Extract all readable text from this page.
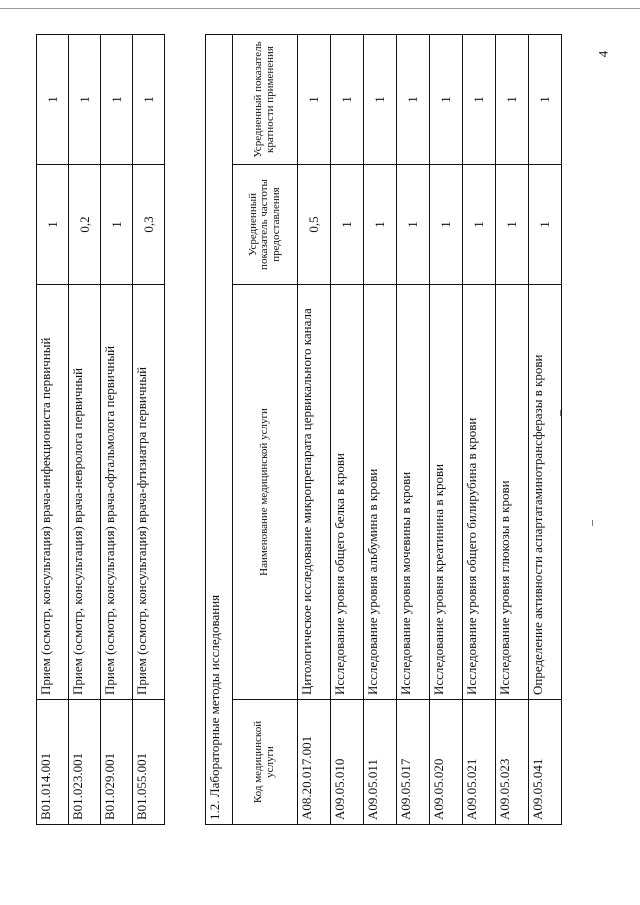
4
B01.014.001	Прием (осмотр, консультация) врача-инфекциониста первичный	1	1
B01.023.001	Прием (осмотр, консультация) врача-невролога первичный	0,2	1
B01.029.001	Прием (осмотр, консультация) врача-офтальмолога первичный	1	1
B01.055.001	Прием (осмотр, консультация) врача-фтизиатра первичный	0,3	1
1.2. Лабораторные методы исследования			
Код медицинской услуги	Наименование медицинской услуги	Усредненный показатель частоты предоставления	Усредненный показатель кратности применения
A08.20.017.001	Цитологическое исследование микропрепарата цервикального канала	0,5	1
A09.05.010	Исследование уровня общего белка в крови	1	1
A09.05.011	Исследование уровня альбумина в крови	1	1
A09.05.017	Исследование уровня мочевины в крови	1	1
A09.05.020	Исследование уровня креатинина в крови	1	1
A09.05.021	Исследование уровня общего билирубина в крови	1	1
A09.05.023	Исследование уровня глюкозы в крови	1	1
A09.05.041	Определение активности аспартатаминотрансферазы в крови	1	1
